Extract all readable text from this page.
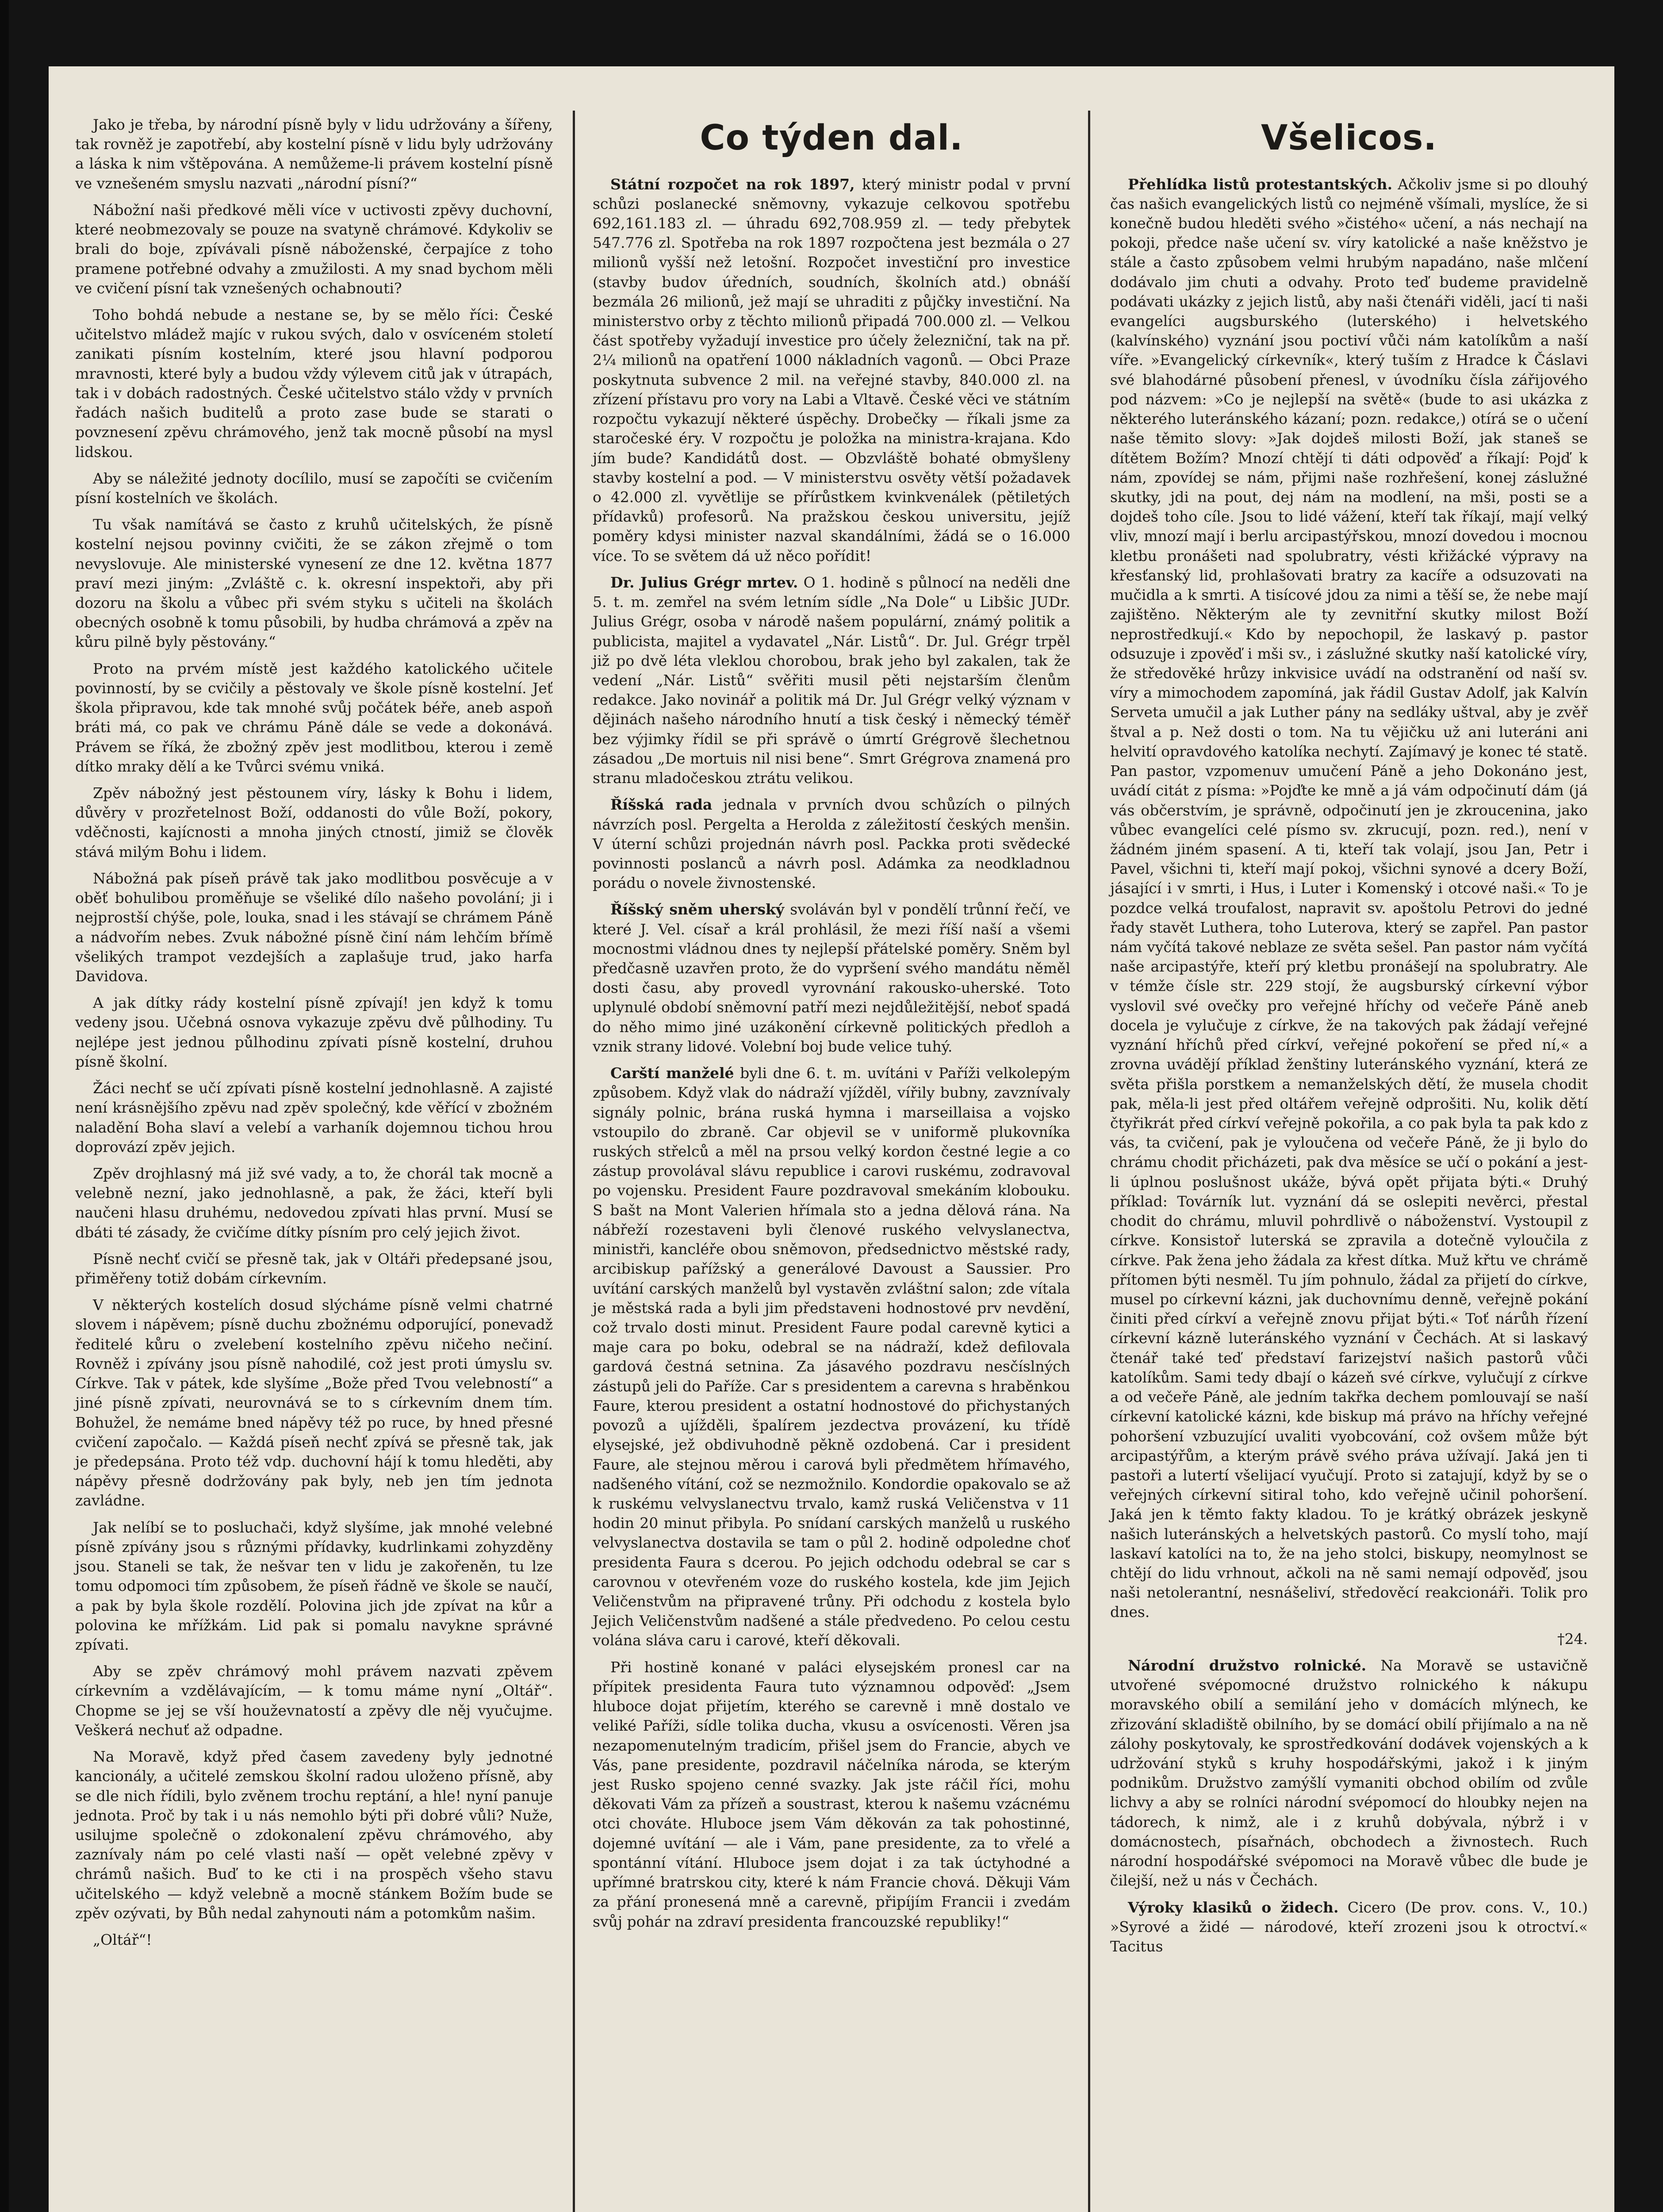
Jako je třeba, by národní písně byly v lidu udržovány a šířeny, tak rovněž je zapotřebí, aby kostelní písně v lidu byly udržovány a láska k nim vštěpována. A nemůžeme-li právem kostelní písně ve vznešeném smyslu nazvati „národní písní?“

Nábožní naši předkové měli více v uctivosti zpěvy duchovní, které neobmezovaly se pouze na svatyně chrámové. Kdykoliv se brali do boje, zpívávali písně náboženské, čerpajíce z toho pramene potřebné odvahy a zmužilosti. A my snad bychom měli ve cvičení písní tak vznešených ochabnouti?

Toho bohdá nebude a nestane se, by se mělo říci: České učitelstvo mládež majíc v rukou svých, dalo v osvíceném století zanikati písním kostelním, které jsou hlavní podporou mravnosti, které byly a budou vždy výlevem citů jak v útrapách, tak i v dobách radostných. České učitelstvo stálo vždy v prvních řadách našich buditelů a proto zase bude se starati o povznesení zpěvu chrámového, jenž tak mocně působí na mysl lidskou.

Aby se náležité jednoty docílilo, musí se započíti se cvičením písní kostelních ve školách.

Tu však namítává se často z kruhů učitelských, že písně kostelní nejsou povinny cvičiti, že se zákon zřejmě o tom nevyslovuje. Ale ministerské vynesení ze dne 12. května 1877 praví mezi jiným: „Zvláště c. k. okresní inspektoři, aby při dozoru na školu a vůbec při svém styku s učiteli na školách obecných osobně k tomu působili, by hudba chrámová a zpěv na kůru pilně byly pěstovány.“

Proto na prvém místě jest každého katolického učitele povinností, by se cvičily a pěstovaly ve škole písně kostelní. Jeť škola připravou, kde tak mnohé svůj počátek béře, aneb aspoň bráti má, co pak ve chrámu Páně dále se vede a dokonává. Právem se říká, že zbožný zpěv jest modlitbou, kterou i země dítko mraky dělí a ke Tvůrci svému vniká.

Zpěv nábožný jest pěstounem víry, lásky k Bohu i lidem, důvěry v prozřetelnost Boží, oddanosti do vůle Boží, pokory, vděčnosti, kajícnosti a mnoha jiných ctností, jimiž se člověk stává milým Bohu i lidem.

Nábožná pak píseň právě tak jako modlitbou posvěcuje a v oběť bohulibou proměňuje se všeliké dílo našeho povolání; ji i nejprostší chýše, pole, louka, snad i les stávají se chrámem Páně a nádvořím nebes. Zvuk nábožné písně činí nám lehčím břímě všelikých trampot vezdejších a zaplašuje trud, jako harfa Davidova.

A jak dítky rády kostelní písně zpívají! jen když k tomu vedeny jsou. Učebná osnova vykazuje zpěvu dvě půlhodiny. Tu nejlépe jest jednou půlhodinu zpívati písně kostelní, druhou písně školní.

Žáci nechť se učí zpívati písně kostelní jednohlasně. A zajisté není krásnějšího zpěvu nad zpěv společný, kde věřící v zbožném naladění Boha slaví a velebí a varhaník dojemnou tichou hrou doprovází zpěv jejich.

Zpěv drojhlasný má již své vady, a to, že chorál tak mocně a velebně nezní, jako jednohlasně, a pak, že žáci, kteří byli naučeni hlasu druhému, nedovedou zpívati hlas první. Musí se dbáti té zásady, že cvičíme dítky písním pro celý jejich život.

Písně nechť cvičí se přesně tak, jak v Oltáři předepsané jsou, přiměřeny totiž dobám církevním.

V některých kostelích dosud slýcháme písně velmi chatrné slovem i nápěvem; písně duchu zbožnému odporující, ponevadž ředitelé kůru o zvelebení kostelního zpěvu ničeho nečiní. Rovněž i zpívány jsou písně nahodilé, což jest proti úmyslu sv. Církve. Tak v pátek, kde slyšíme „Bože před Tvou velebností“ a jiné písně zpívati, neurovnává se to s církevním dnem tím. Bohužel, že nemáme bned nápěvy též po ruce, by hned přesné cvičení započalo. — Každá píseň nechť zpívá se přesně tak, jak je předepsána. Proto též vdp. duchovní hájí k tomu hleděti, aby nápěvy přesně dodržovány pak byly, neb jen tím jednota zavládne.

Jak nelíbí se to posluchači, když slyšíme, jak mnohé velebné písně zpívány jsou s různými přídavky, kudrlinkami zohyzděny jsou. Staneli se tak, že nešvar ten v lidu je zakořeněn, tu lze tomu odpomoci tím způsobem, že píseň řádně ve škole se naučí, a pak by byla škole rozdělí. Polovina jich jde zpívat na kůr a polovina ke mřížkám. Lid pak si pomalu navykne správné zpívati.

Aby se zpěv chrámový mohl právem nazvati zpěvem církevním a vzdělávajícím, — k tomu máme nyní „Oltář“. Chopme se jej se vší houževnatostí a zpěvy dle něj vyučujme. Veškerá nechuť až odpadne.

Na Moravě, když před časem zavedeny byly jednotné kancionály, a učitelé zemskou školní radou uloženo přísně, aby se dle nich řídili, bylo zvěnem trochu reptání, a hle! nyní panuje jednota. Proč by tak i u nás nemohlo býti při dobré vůli? Nuže, usilujme společně o zdokonalení zpěvu chrámového, aby zaznívaly nám po celé vlasti naší — opět velebné zpěvy v chrámů našich. Buď to ke cti i na prospěch všeho stavu učitelského — když velebně a mocně stánkem Božím bude se zpěv ozývati, by Bůh nedal zahynouti nám a potomkům našim.

„Oltář“!

Co týden dal.

Státní rozpočet na rok 1897, který ministr podal v první schůzi poslanecké sněmovny, vykazuje celkovou spotřebu 692,161.183 zl. — úhradu 692,708.959 zl. — tedy přebytek 547.776 zl. Spotřeba na rok 1897 rozpočtena jest bezmála o 27 milionů vyšší než letošní. Rozpočet investiční pro investice (stavby budov úředních, soudních, školních atd.) obnáší bezmála 26 milionů, jež mají se uhraditi z půjčky investiční. Na ministerstvo orby z těchto milionů připadá 700.000 zl. — Velkou část spotřeby vyžadují investice pro účely železniční, tak na př. 2¼ milionů na opatření 1000 nákladních vagonů. — Obci Praze poskytnuta subvence 2 mil. na veřejné stavby, 840.000 zl. na zřízení přístavu pro vory na Labi a Vltavě. České věci ve státním rozpočtu vykazují některé úspěchy. Drobečky — říkali jsme za staročeské éry. V rozpočtu je položka na ministra-krajana. Kdo jím bude? Kandidátů dost. — Obzvláště bohaté obmyšleny stavby kostelní a pod. — V ministerstvu osvěty větší požadavek o 42.000 zl. vyvětlije se přírůstkem kvinkvenálek (pětiletých přídavků) profesorů. Na pražskou českou universitu, jejíž poměry kdysi minister nazval skandálními, žádá se o 16.000 více. To se světem dá už něco pořídit!

Dr. Julius Grégr mrtev. O 1. hodině s půlnocí na neděli dne 5. t. m. zemřel na svém letním sídle „Na Dole“ u Libšic JUDr. Julius Grégr, osoba v národě našem populární, známý politik a publicista, majitel a vydavatel „Nár. Listů“. Dr. Jul. Grégr trpěl již po dvě léta vleklou chorobou, brak jeho byl zakalen, tak že vedení „Nár. Listů“ svěřiti musil pěti nejstarším členům redakce. Jako novinář a politik má Dr. Jul Grégr velký význam v dějinách našeho národního hnutí a tisk český i německý téměř bez výjimky řídil se při správě o úmrtí Grégrově šlechetnou zásadou „De mortuis nil nisi bene“. Smrt Grégrova znamená pro stranu mladočeskou ztrátu velikou.

Říšská rada jednala v prvních dvou schůzích o pilných návrzích posl. Pergelta a Herolda z záležitostí českých menšin. V úterní schůzi projednán návrh posl. Packka proti svědecké povinnosti poslanců a návrh posl. Adámka za neodkladnou porádu o novele živnostenské.

Říšský sněm uherský svoláván byl v pondělí trůnní řečí, ve které J. Vel. císař a král prohlásil, že mezi říší naší a všemi mocnostmi vládnou dnes ty nejlepší přátelské poměry. Sněm byl předčasně uzavřen proto, že do vypršení svého mandátu něměl dosti času, aby provedl vyrovnání rakousko-uherské. Toto uplynulé období sněmovní patří mezi nejdůležitější, neboť spadá do něho mimo jiné uzákonění církevně politických předloh a vznik strany lidové. Volební boj bude velice tuhý.

Carští manželé byli dne 6. t. m. uvítáni v Paříži velkolepým způsobem. Když vlak do nádraží vjížděl, vířily bubny, zavznívaly signály polnic, brána ruská hymna i marseillaisa a vojsko vstoupilo do zbraně. Car objevil se v uniformě plukovníka ruských střelců a měl na prsou velký kordon čestné legie a co zástup provolával slávu republice i carovi ruskému, zodravoval po vojensku. President Faure pozdravoval smekáním klobouku. S bašt na Mont Valerien hřímala sto a jedna dělová rána. Na nábřeží rozestaveni byli členové ruského velvyslanectva, ministři, kancléře obou sněmovon, předsednictvo městské rady, arcibiskup pařížský a generálové Davoust a Saussier. Pro uvítání carských manželů byl vystavěn zvláštní salon; zde vítala je městská rada a byli jim představeni hodnostové prv nevdění, což trvalo dosti minut. President Faure podal carevně kytici a maje cara po boku, odebral se na nádraží, kdež defilovala gardová čestná setnina. Za jásavého pozdravu nesčíslných zástupů jeli do Paříže. Car s presidentem a carevna s hraběnkou Faure, kterou president a ostatní hodnostové do přichystaných povozů a ujížděli, špalírem jezdectva provázení, ku třídě elysejské, jež obdivuhodně pěkně ozdobená. Car i president Faure, ale stejnou měrou i carová byli předmětem hřímavého, nadšeného vítání, což se nezmožnilo. Kondordie opakovalo se až k ruskému velvyslanectvu trvalo, kamž ruská Veličenstva v 11 hodin 20 minut přibyla. Po snídaní carských manželů u ruského velvyslanectva dostavila se tam o půl 2. hodině odpoledne choť presidenta Faura s dcerou. Po jejich odchodu odebral se car s carovnou v otevřeném voze do ruského kostela, kde jim Jejich Veličenstvům na připravené trůny. Při odchodu z kostela bylo Jejich Veličenstvům nadšené a stále předvedeno. Po celou cestu volána sláva caru i carové, kteří děkovali.

Při hostině konané v paláci elysejském pronesl car na přípitek presidenta Faura tuto významnou odpověď: „Jsem hluboce dojat přijetím, kterého se carevně i mně dostalo ve veliké Paříži, sídle tolika ducha, vkusu a osvícenosti. Věren jsa nezapomenutelným tradicím, přišel jsem do Francie, abych ve Vás, pane presidente, pozdravil náčelníka národa, se kterým jest Rusko spojeno cenné svazky. Jak jste ráčil říci, mohu děkovati Vám za přízeň a soustrast, kterou k našemu vzácnému otci chováte. Hluboce jsem Vám děkován za tak pohostinné, dojemné uvítání — ale i Vám, pane presidente, za to vřelé a spontánní vítání. Hluboce jsem dojat i za tak úctyhodné a upřímné bratrskou city, které k nám Francie chová. Děkuji Vám za přání pronesená mně a carevně, připíjím Francii i zvedám svůj pohár na zdraví presidenta francouzské republiky!“

Všelicos.

Přehlídka listů protestantských. Ačkoliv jsme si po dlouhý čas našich evangelických listů co nejméně všímali, myslíce, že si konečně budou hleděti svého »čistého« učení, a nás nechají na pokoji, předce naše učení sv. víry katolické a naše kněžstvo je stále a často způsobem velmi hrubým napadáno, naše mlčení dodávalo jim chuti a odvahy. Proto teď budeme pravidelně podávati ukázky z jejich listů, aby naši čtenáři viděli, jací ti naši evangelíci augsburského (luterského) i helvetského (kalvínského) vyznání jsou poctiví vůči nám katolíkům a naší víře. »Evangelický církevník«, který tuším z Hradce k Čáslavi své blahodárné působení přenesl, v úvodníku čísla zářijového pod názvem: »Co je nejlepší na světě« (bude to asi ukázka z některého luteránského kázaní; pozn. redakce,) otírá se o učení naše těmito slovy: »Jak dojdeš milosti Boží, jak staneš se dítětem Božím? Mnozí chtějí ti dáti odpověď a říkají: Pojď k nám, zpovídej se nám, přijmi naše rozhřešení, konej záslužné skutky, jdi na pout, dej nám na modlení, na mši, posti se a dojdeš toho cíle. Jsou to lidé vážení, kteří tak říkají, mají velký vliv, mnozí mají i berlu arcipastýřskou, mnozí dovedou i mocnou kletbu pronášeti nad spolubratry, vésti křižácké výpravy na křesťanský lid, prohlašovati bratry za kacíře a odsuzovati na mučidla a k smrti. A tisícové jdou za nimi a těší se, že nebe mají zajištěno. Některým ale ty zevnitřní skutky milost Boží neprostředkují.« Kdo by nepochopil, že laskavý p. pastor odsuzuje i zpověď i mši sv., i záslužné skutky naší katolické víry, že středověké hrůzy inkvisice uvádí na odstranění od naší sv. víry a mimochodem zapomíná, jak řádil Gustav Adolf, jak Kalvín Servetа umučil a jak Luther pány na sedláky uštval, aby je zvěř štval a p. Než dosti o tom. Na tu vějičku už ani luteráni ani helvití opravdového katolíka nechytí. Zajímavý je konec té statě. Pan pastor, vzpomenuv umučení Páně a jeho Dokonáno jest, uvádí citát z písma: »Pojďte ke mně a já vám odpočinutí dám (já vás občerstvím, je správně, odpočinutí jen je zkroucenina, jako vůbec evangelíci celé písmo sv. zkrucují, pozn. red.), není v žádném jiném spasení. A ti, kteří tak volají, jsou Jan, Petr i Pavel, všichni ti, kteří mají pokoj, všichni synové a dcery Boží, jásající i v smrti, i Hus, i Luter i Komenský i otcové naši.« To je pozdce velká troufalost, napravit sv. apoštolu Petrovi do jedné řady stavět Luthera, toho Luterova, který se zapřel. Pan pastor nám vyčítá takové neblaze ze světa sešel. Pan pastor nám vyčítá naše arcipastýře, kteří prý kletbu pronášejí na spolubratry. Ale v témže čísle str. 229 stojí, že augsburský církevní výbor vyslovil své ovečky pro veřejné hříchy od večeře Páně aneb docela je vylučuje z církve, že na takových pak žádají veřejné vyznání hříchů před církví, veřejné pokoření se před ní,« a zrovna uvádějí příklad ženštiny luteránského vyznání, která ze světa přišla porstkem a nemanželských dětí, že musela chodit pak, měla-li jest před oltářem veřejně odprošiti. Nu, kolik dětí čtyřikrát před církví veřejně pokořila, a co pak byla ta pak kdo z vás, ta cvičení, pak je vyloučena od večeře Páně, že ji bylo do chrámu chodit přicházeti, pak dva měsíce se učí o pokání a jest-li úplnou poslušnost ukáže, bývá opět přijata býti.« Druhý příklad: Továrník lut. vyznání dá se oslepiti nevěrci, přestal chodit do chrámu, mluvil pohrdlivě o náboženství. Vystoupil z církve. Konsistoř luterská se zpravila a dotečně vyloučila z církve. Pak žena jeho žádala za křest dítka. Muž křtu ve chrámě přítomen býti nesměl. Tu jím pohnulo, žádal za přijetí do církve, musel po církevní kázni, jak duchovnímu denně, veřejně pokání činiti před církví a veřejně znovu přijat býti.« Toť nárůh řízení církevní kázně luteránského vyznání v Čechách. At si laskavý čtenář také teď představí farizejství našich pastorů vůči katolíkům. Sami tedy dbají o kázeň své církve, vylučují z církve a od večeře Páně, ale jedním takřka dechem pomlouvají se naší církevní katolické kázni, kde biskup má právo na hříchy veřejné pohoršení vzbuzující uvaliti vyobcování, což ovšem může být arcipastýřům, a kterým právě svého práva užívají. Jaká jen ti pastoři a lutertí všelijací vyučují. Proto si zatajují, když by se o veřejných církevní sitiral toho, kdo veřejně učinil pohoršení. Jaká jen k těmto fakty kladou. To je krátký obrázek jeskyně našich luteránských a helvetských pastorů. Co myslí toho, mají laskaví katolíci na to, že na jeho stolci, biskupy, neomylnost se chtějí do lidu vrhnout, ačkoli na ně sami nemají odpověď, jsou naši netolerantní, nesnášeliví, středověcí reakcionáři. Tolik pro dnes.

†24.

Národní družstvo rolnické. Na Moravě se ustavičně utvořené svépomocné družstvo rolnického k nákupu moravského obilí a semilání jeho v domácích mlýnech, ke zřizování skladiště obilního, by se domácí obilí přijímalo a na ně zálohy poskytovaly, ke sprostředkování dodávek vojenských a k udržování styků s kruhy hospodářskými, jakož i k jiným podnikům. Družstvo zamýšlí vymaniti obchod obilím od zvůle lichvy a aby se rolníci národní svépomocí do hloubky nejen na tádorech, k nimž, ale i z kruhů dobývala, nýbrž i v domácnostech, písařnách, obchodech a živnostech. Ruch národní hospodářské svépomoci na Moravě vůbec dle bude je čilejší, než u nás v Čechách.

Výroky klasiků o židech. Cicero (De prov. cons. V., 10.) »Syrové a židé — národové, kteří zrozeni jsou k otroctví.« Tacitus
